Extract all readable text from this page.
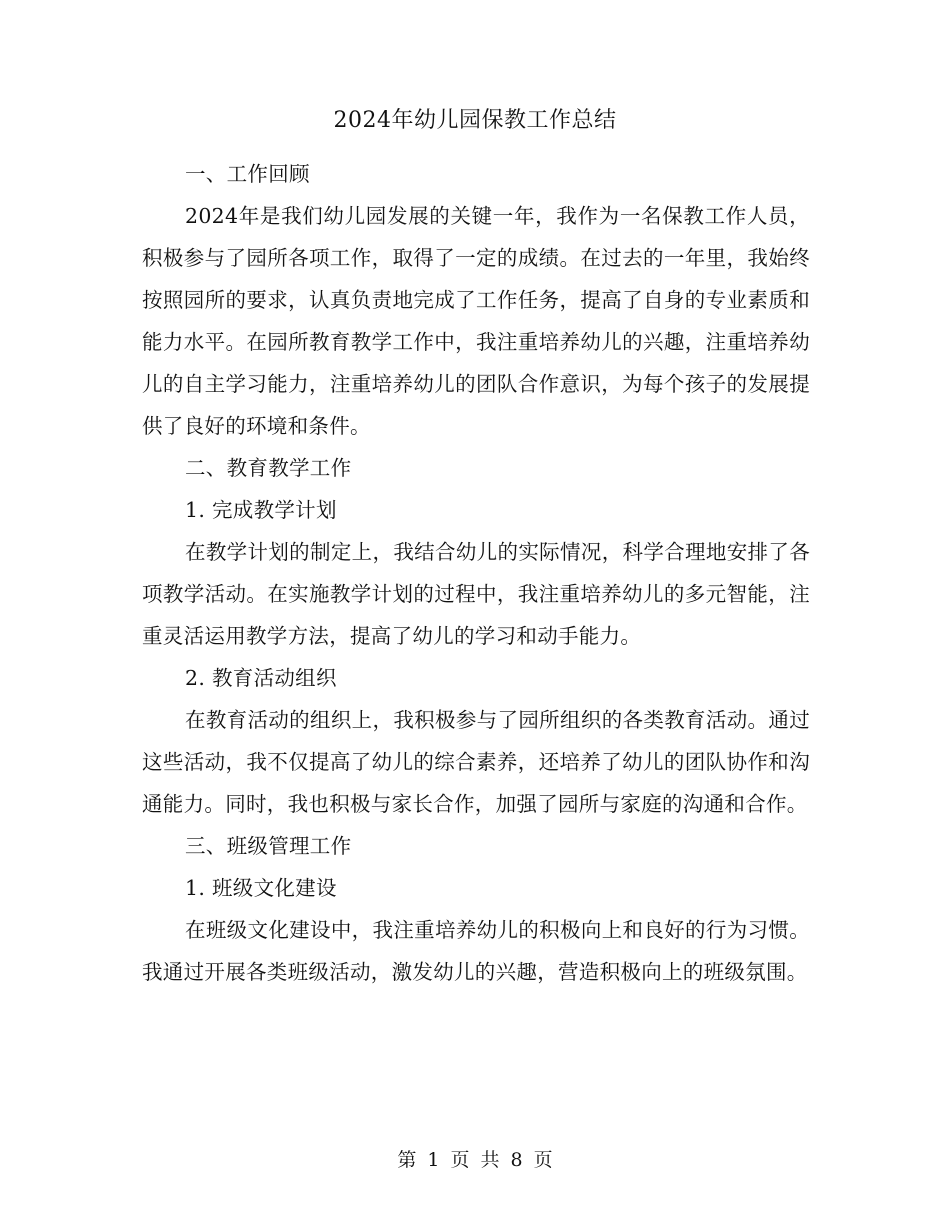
2024年幼儿园保教工作总结

一、工作回顾

2024年是我们幼儿园发展的关键一年，我作为一名保教工作人员，积极参与了园所各项工作，取得了一定的成绩。在过去的一年里，我始终按照园所的要求，认真负责地完成了工作任务，提高了自身的专业素质和能力水平。在园所教育教学工作中，我注重培养幼儿的兴趣，注重培养幼儿的自主学习能力，注重培养幼儿的团队合作意识，为每个孩子的发展提供了良好的环境和条件。

二、教育教学工作

1. 完成教学计划

在教学计划的制定上，我结合幼儿的实际情况，科学合理地安排了各项教学活动。在实施教学计划的过程中，我注重培养幼儿的多元智能，注重灵活运用教学方法，提高了幼儿的学习和动手能力。

2. 教育活动组织

在教育活动的组织上，我积极参与了园所组织的各类教育活动。通过这些活动，我不仅提高了幼儿的综合素养，还培养了幼儿的团队协作和沟通能力。同时，我也积极与家长合作，加强了园所与家庭的沟通和合作。

三、班级管理工作

1. 班级文化建设

在班级文化建设中，我注重培养幼儿的积极向上和良好的行为习惯。我通过开展各类班级活动，激发幼儿的兴趣，营造积极向上的班级氛围。

第 1 页 共 8 页
